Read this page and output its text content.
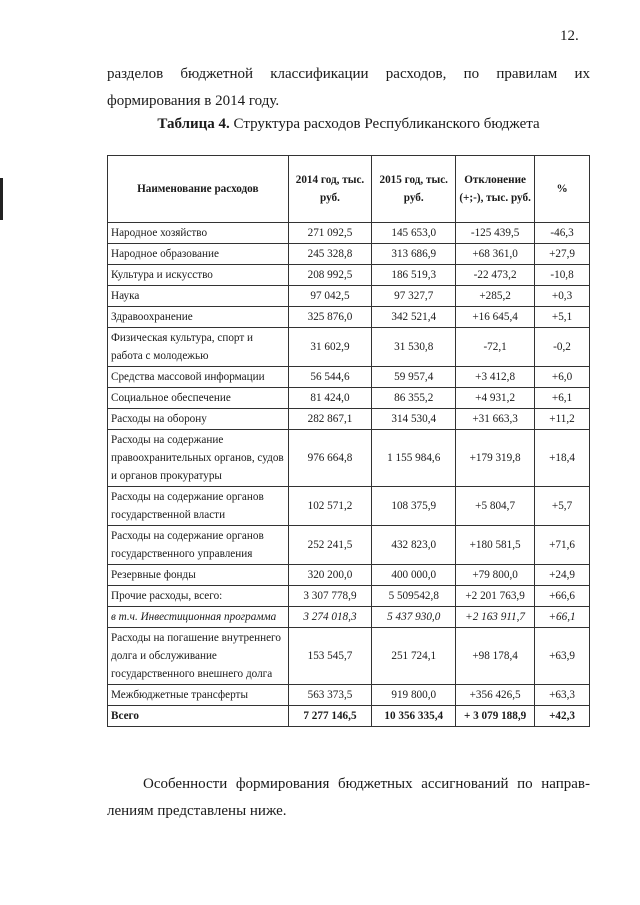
12.
разделов бюджетной классификации расходов, по правилам их
формирования в 2014 году.
Таблица 4. Структура расходов Республиканского бюджета
Наименование расходов	2014 год, тыс. руб.	2015 год, тыс. руб.	Отклонение (+;-), тыс. руб.	%
Народное хозяйство	271 092,5	145 653,0	-125 439,5	-46,3
Народное образование	245 328,8	313 686,9	+68 361,0	+27,9
Культура и искусство	208 992,5	186 519,3	-22 473,2	-10,8
Наука	97 042,5	97 327,7	+285,2	+0,3
Здравоохранение	325 876,0	342 521,4	+16 645,4	+5,1
Физическая культура, спорт и работа с молодежью	31 602,9	31 530,8	-72,1	-0,2
Средства массовой информации	56 544,6	59 957,4	+3 412,8	+6,0
Социальное обеспечение	81 424,0	86 355,2	+4 931,2	+6,1
Расходы на оборону	282 867,1	314 530,4	+31 663,3	+11,2
Расходы на содержание правоохранительных органов, судов и органов прокуратуры	976 664,8	1 155 984,6	+179 319,8	+18,4
Расходы на содержание органов государственной власти	102 571,2	108 375,9	+5 804,7	+5,7
Расходы на содержание органов государственного управления	252 241,5	432 823,0	+180 581,5	+71,6
Резервные фонды	320 200,0	400 000,0	+79 800,0	+24,9
Прочие расходы, всего:	3 307 778,9	5 509542,8	+2 201 763,9	+66,6
в т.ч. Инвестиционная программа	3 274 018,3	5 437 930,0	+2 163 911,7	+66,1
Расходы на погашение внутреннего долга и обслуживание государственного внешнего долга	153 545,7	251 724,1	+98 178,4	+63,9
Межбюджетные трансферты	563 373,5	919 800,0	+356 426,5	+63,3
Всего	7 277 146,5	10 356 335,4	+ 3 079 188,9	+42,3
Особенности формирования бюджетных ассигнований по направ-
лениям представлены ниже.
